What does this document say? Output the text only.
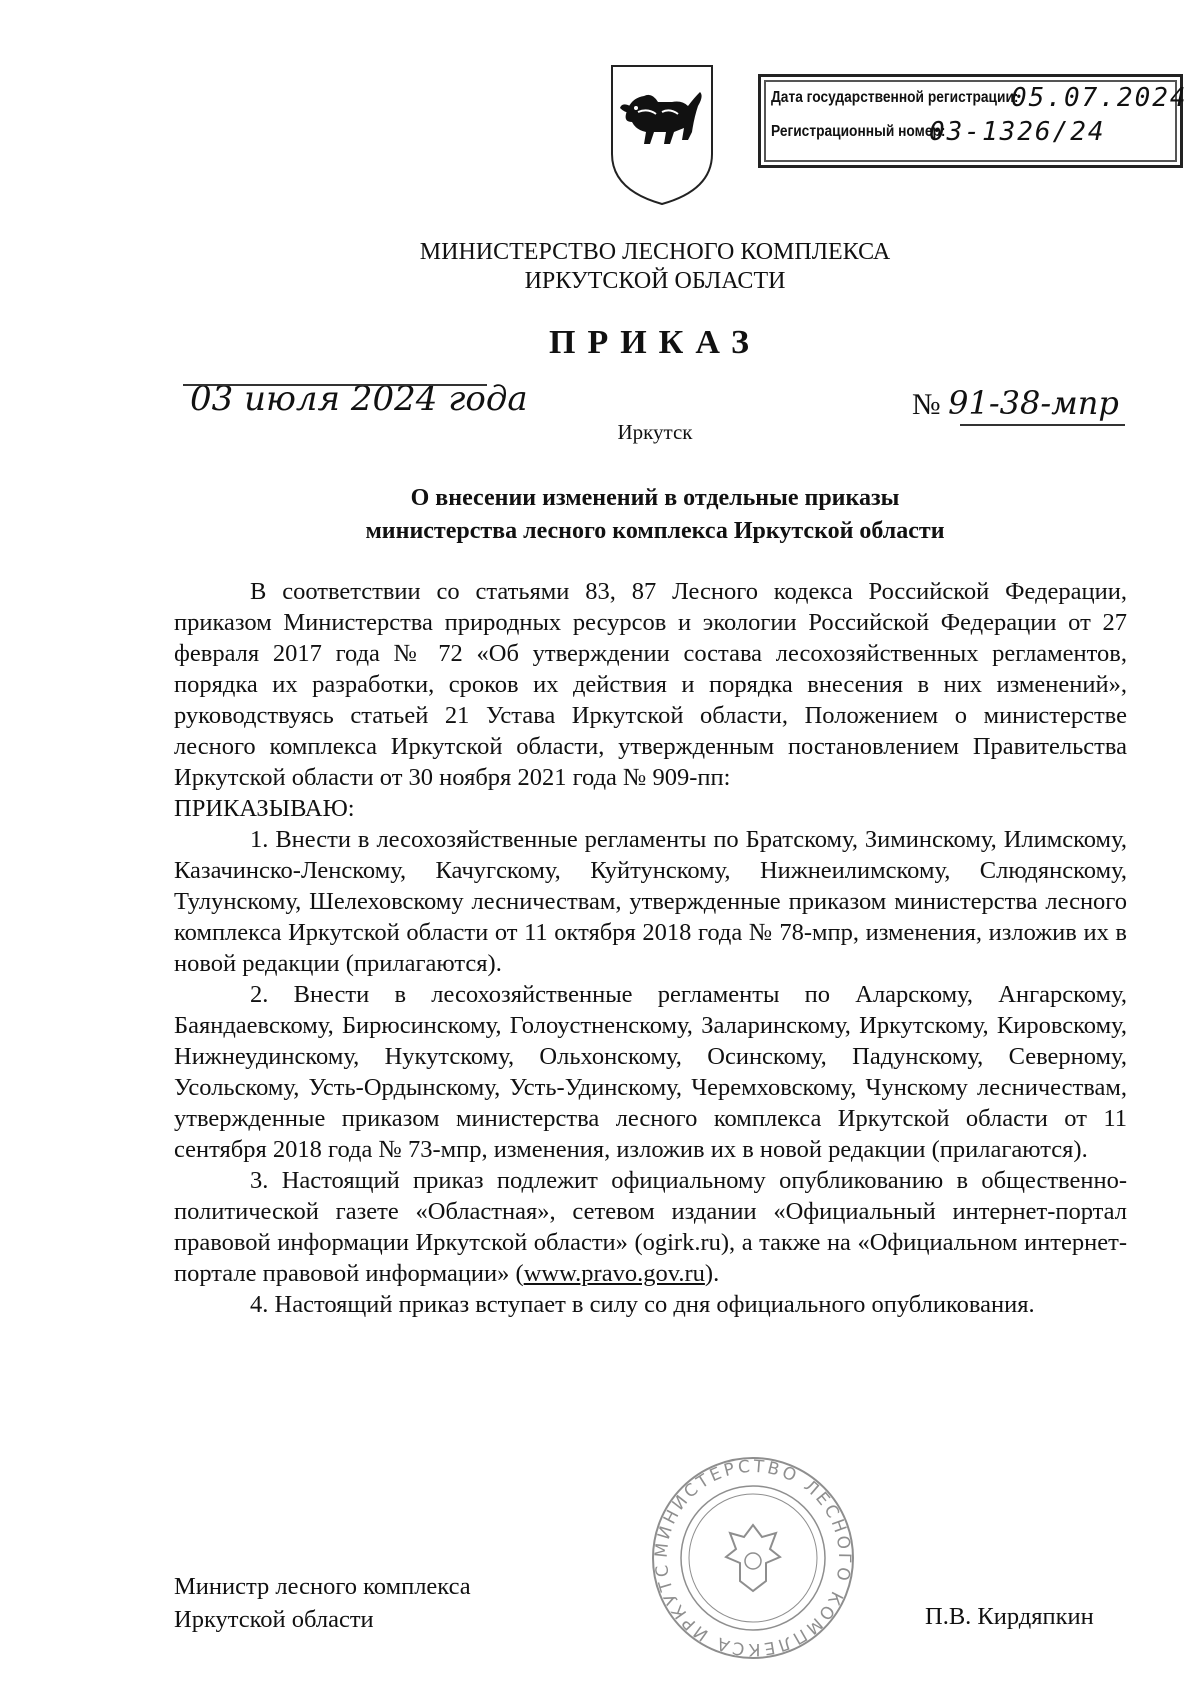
Дата государственной регистрации:
05.07.2024
Регистрационный номер:
03-1326/24
МИНИСТЕРСТВО ЛЕСНОГО КОМПЛЕКСА
ИРКУТСКОЙ ОБЛАСТИ
ПРИКАЗ
03 июля 2024 года	№ 91-38-мпр
Иркутск
О внесении изменений в отдельные приказы
министерства лесного комплекса Иркутской области

В соответствии со статьями 83, 87 Лесного кодекса Российской Федерации, приказом Министерства природных ресурсов и экологии Российской Федерации от 27 февраля 2017 года № 72 «Об утверждении состава лесохозяйственных регламентов, порядка их разработки, сроков их действия и порядка внесения в них изменений», руководствуясь статьей 21 Устава Иркутской области, Положением о министерстве лесного комплекса Иркутской области, утвержденным постановлением Правительства Иркутской области от 30 ноября 2021 года № 909-пп:

ПРИКАЗЫВАЮ:

1. Внести в лесохозяйственные регламенты по Братскому, Зиминскому, Илимскому, Казачинско-Ленскому, Качугскому, Куйтунскому, Нижнеилимскому, Слюдянскому, Тулунскому, Шелеховскому лесничествам, утвержденные приказом министерства лесного комплекса Иркутской области от 11 октября 2018 года № 78-мпр, изменения, изложив их в новой редакции (прилагаются).

2. Внести в лесохозяйственные регламенты по Аларскому, Ангарскому, Баяндаевскому, Бирюсинскому, Голоустненскому, Заларинскому, Иркутскому, Кировскому, Нижнеудинскому, Нукутскому, Ольхонскому, Осинскому, Падунскому, Северному, Усольскому, Усть-Ордынскому, Усть-Удинскому, Черемховскому, Чунскому лесничествам, утвержденные приказом министерства лесного комплекса Иркутской области от 11 сентября 2018 года № 73-мпр, изменения, изложив их в новой редакции (прилагаются).

3. Настоящий приказ подлежит официальному опубликованию в общественно-политической газете «Областная», сетевом издании «Официальный интернет-портал правовой информации Иркутской области» (ogirk.ru), а также на «Официальном интернет-портале правовой информации» (www.pravo.gov.ru).

4. Настоящий приказ вступает в силу со дня официального опубликования.

МИНИСТЕРСТВО ЛЕСНОГО КОМПЛЕКСА ИРКУТС
Министр лесного комплекса
Иркутской области	П.В. Кирдяпкин
